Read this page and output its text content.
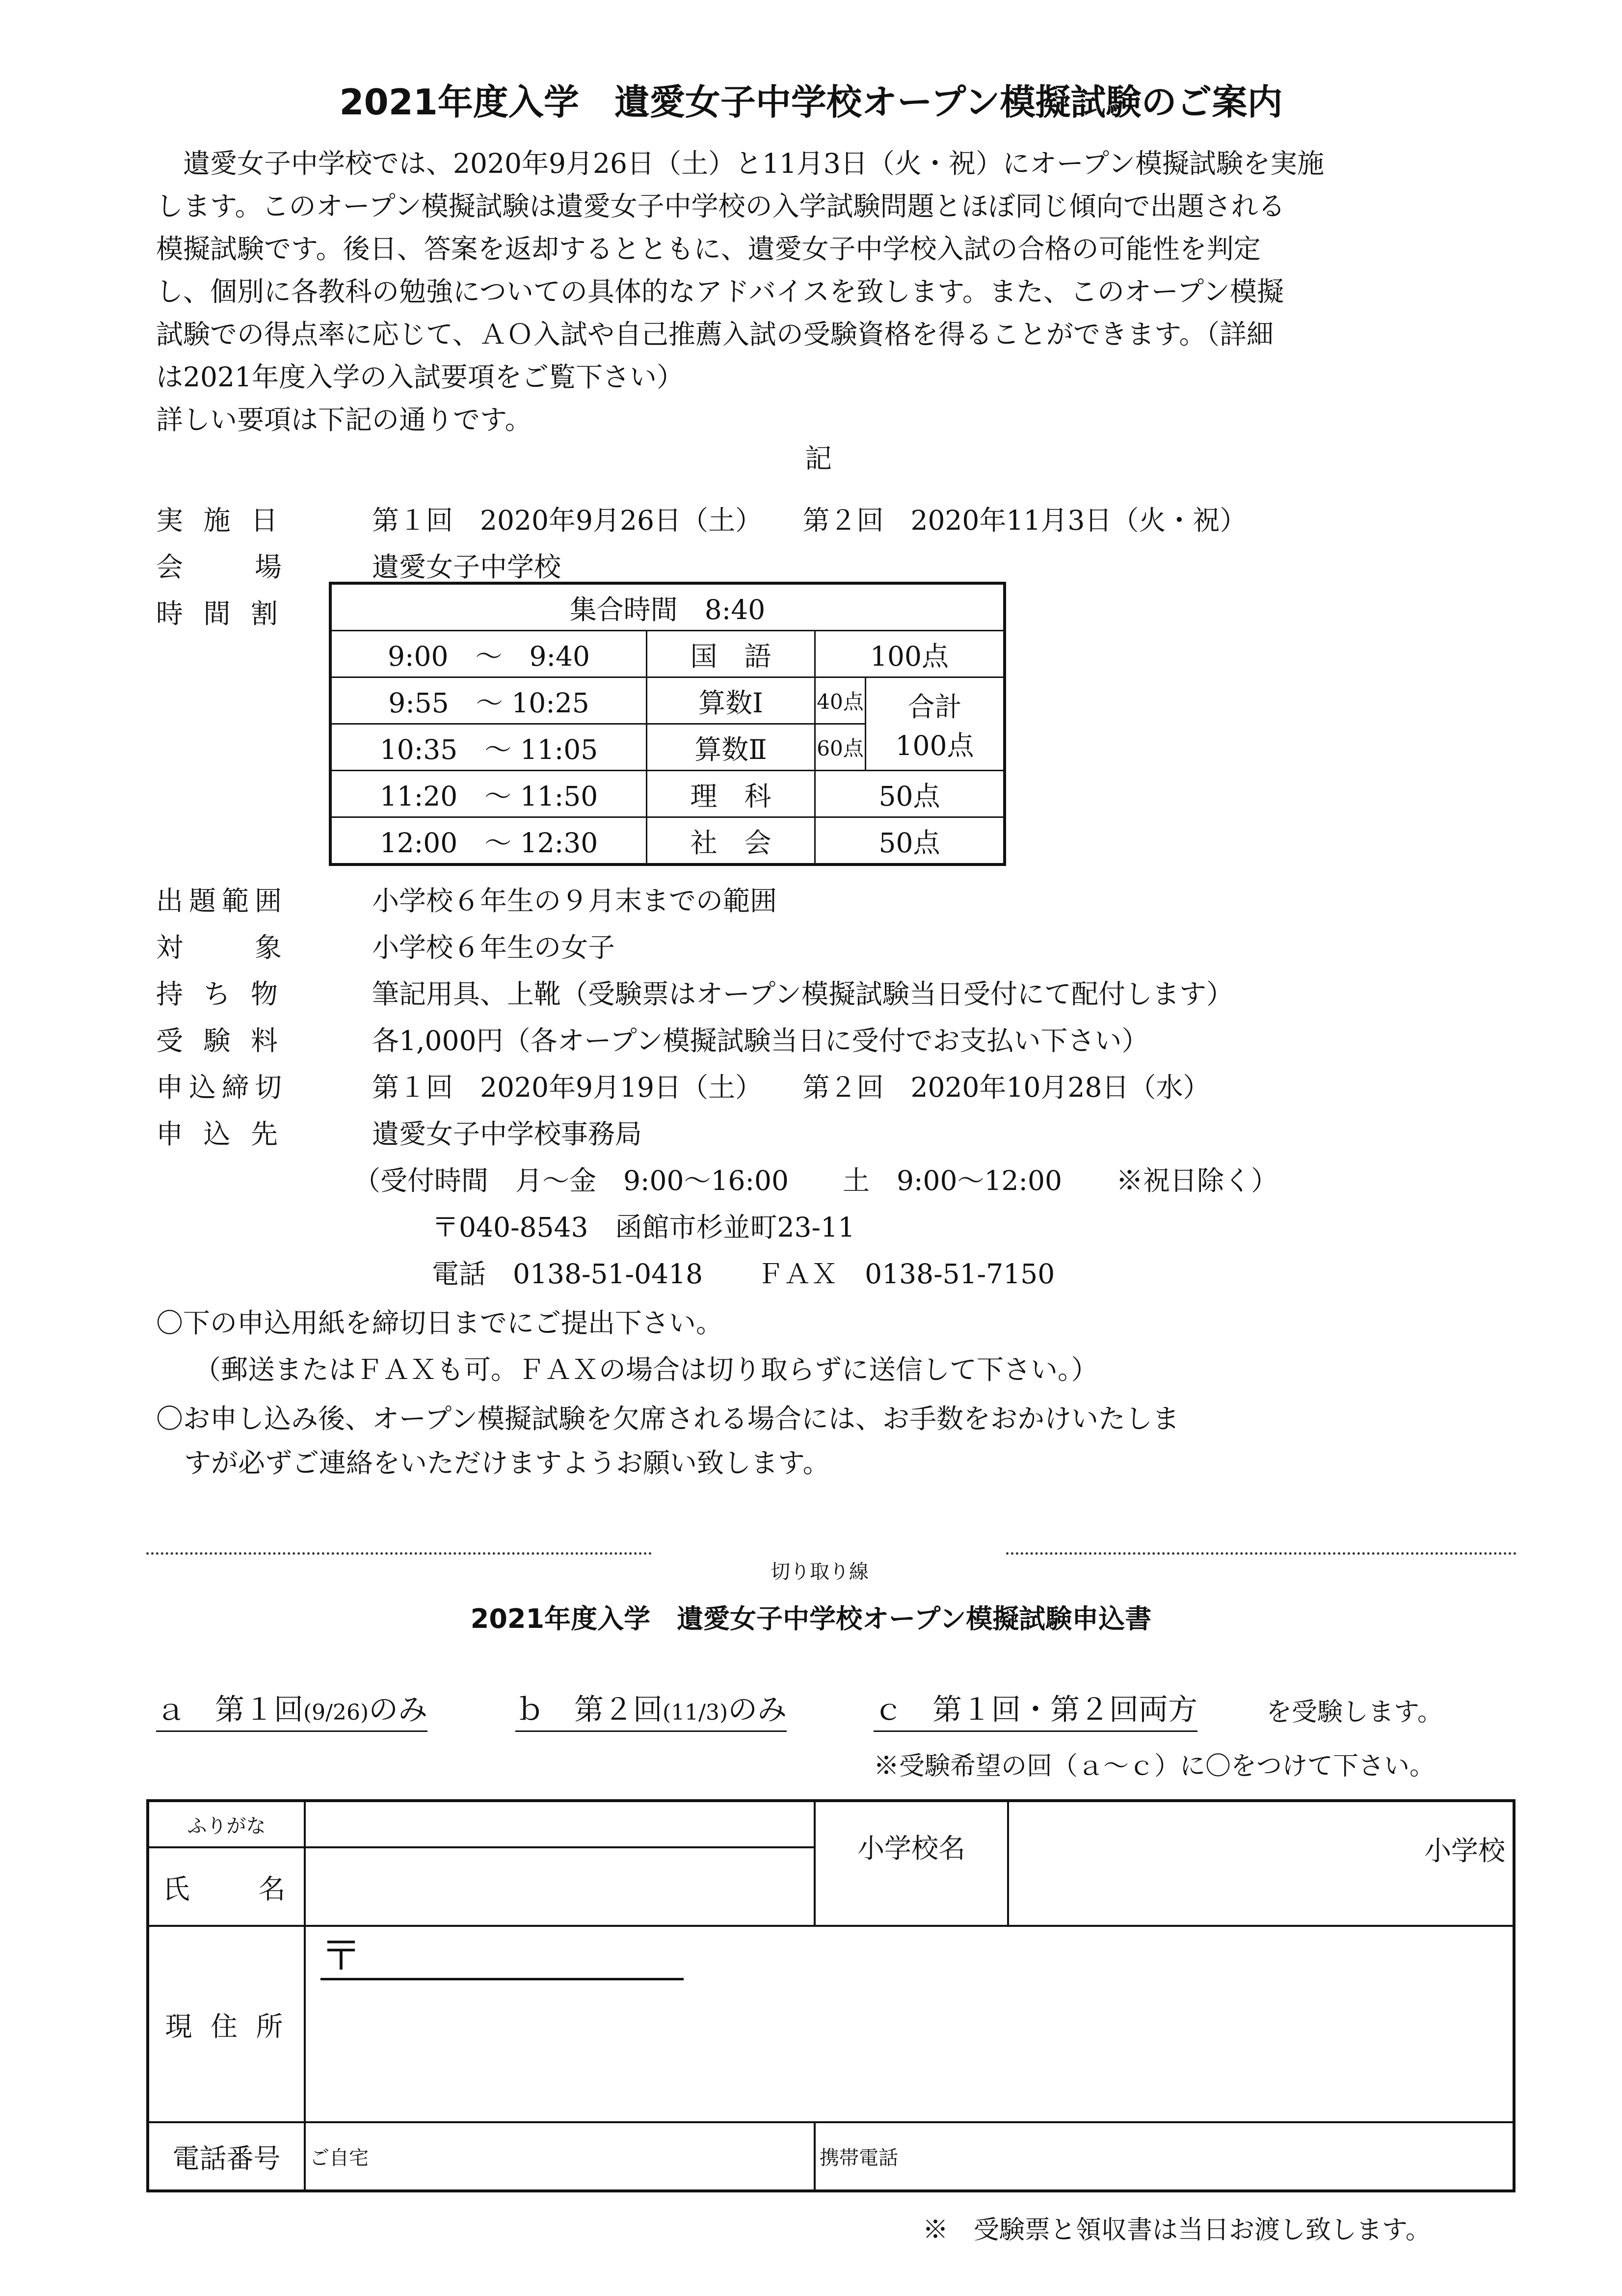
2021年度入学　遺愛女子中学校オープン模擬試験のご案内

遺愛女子中学校では、2020年9月26日（土）と11月3日（火・祝）にオープン模擬試験を実施

します。このオープン模擬試験は遺愛女子中学校の入学試験問題とほぼ同じ傾向で出題される

模擬試験です。後日、答案を返却するとともに、遺愛女子中学校入試の合格の可能性を判定

し、個別に各教科の勉強についての具体的なアドバイスを致します。また、このオープン模擬

試験での得点率に応じて、ＡＯ入試や自己推薦入試の受験資格を得ることができます。（詳細

は2021年度入学の入試要項をご覧下さい）

詳しい要項は下記の通りです。

記
実 施 日	第１回　2020年9月26日（土）　　第２回　2020年11月3日（火・祝）
会　　場	遺愛女子中学校
時 間 割	集合時間　8:40			
9:00　～　9:40	国　語	100点	
9:55　～ 10:25	算数Ⅰ	40点	合計
100点

10:35　～ 11:05	算数Ⅱ	60点	
11:20　～ 11:50	理　科	50点	
12:00　～ 12:30	社　会	50点	
出題範囲	小学校６年生の９月末までの範囲
対　　象	小学校６年生の女子
持 ち 物	筆記用具、上靴（受験票はオープン模擬試験当日受付にて配付します）
受 験 料	各1,000円（各オープン模擬試験当日に受付でお支払い下さい）
申込締切	第１回　2020年9月19日（土）　　第２回　2020年10月28日（水）
申 込 先	遺愛女子中学校事務局
（受付時間　月～金　9:00～16:00　　土　9:00～12:00　　※祝日除く）
〒040-8543　函館市杉並町23-11
電話　0138-51-0418　　ＦＡＸ　0138-51-7150
〇下の申込用紙を締切日までにご提出下さい。
（郵送またはＦＡＸも可。ＦＡＸの場合は切り取らずに送信して下さい。）
〇お申し込み後、オープン模擬試験を欠席される場合には、お手数をおかけいたしま
すが必ずご連絡をいただけますようお願い致します。
切り取り線
2021年度入学　遺愛女子中学校オープン模擬試験申込書
ａ　第１回(9/26)のみ	ｂ　第２回(11/3)のみ	ｃ　第１回・第２回両方	を受験します。
※受験希望の回（ａ～ｃ）に〇をつけて下さい。
ふりがな		小学校名	小学校
氏　　名			
現 住 所	〒		

電話番号	ご自宅	携帯電話	
※　受験票と領収書は当日お渡し致します。
